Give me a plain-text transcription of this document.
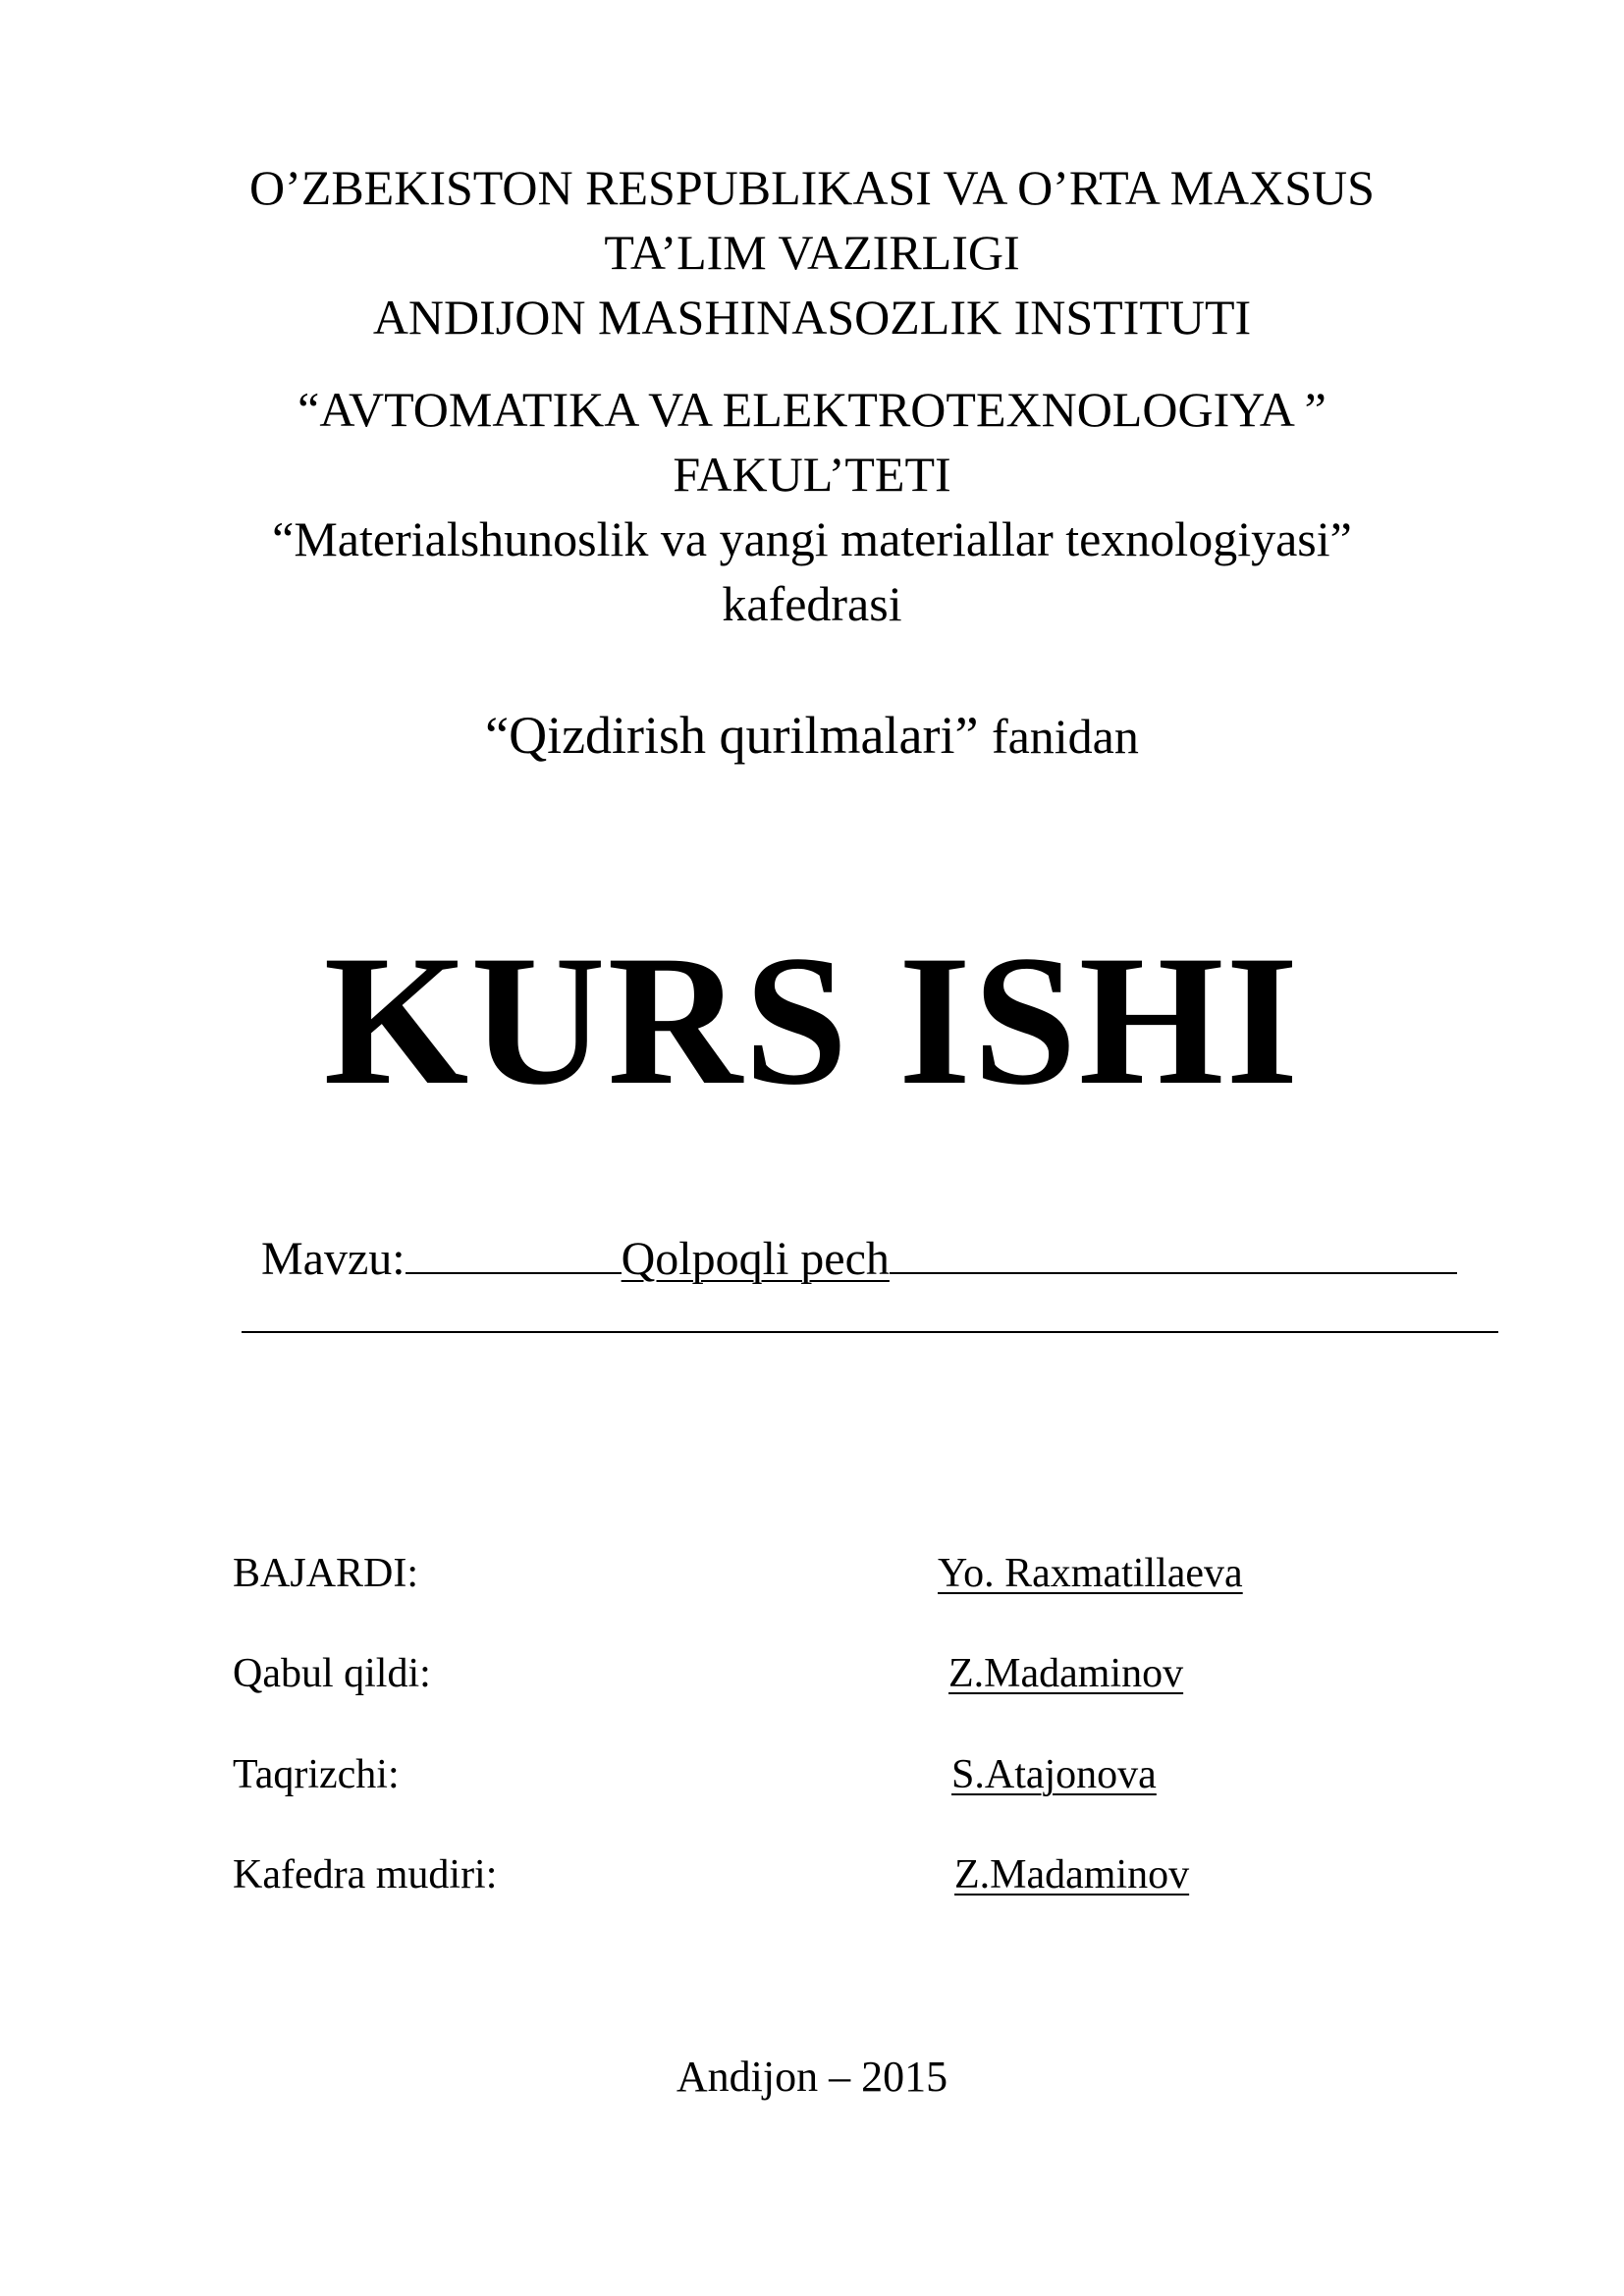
O’ZBEKISTON RESPUBLIKASI VA O’RTA MAXSUS
TA’LIM VAZIRLIGI
ANDIJON MASHINASOZLIK INSTITUTI
“AVTOMATIKA VA ELEKTROTEXNOLOGIYA ”
FAKUL’TETI
“Materialshunoslik va yangi materiallar texnologiyasi”
kafedrasi
“Qizdirish qurilmalari” fanidan
KURS ISHI
Mavzu:	Qolpoqli pech
BAJARDI:	Yo. Raxmatillaeva
Qabul qildi:	Z.Madaminov
Taqrizchi:	S.Atajonova
Kafedra mudiri:	Z.Madaminov
Andijon – 2015
